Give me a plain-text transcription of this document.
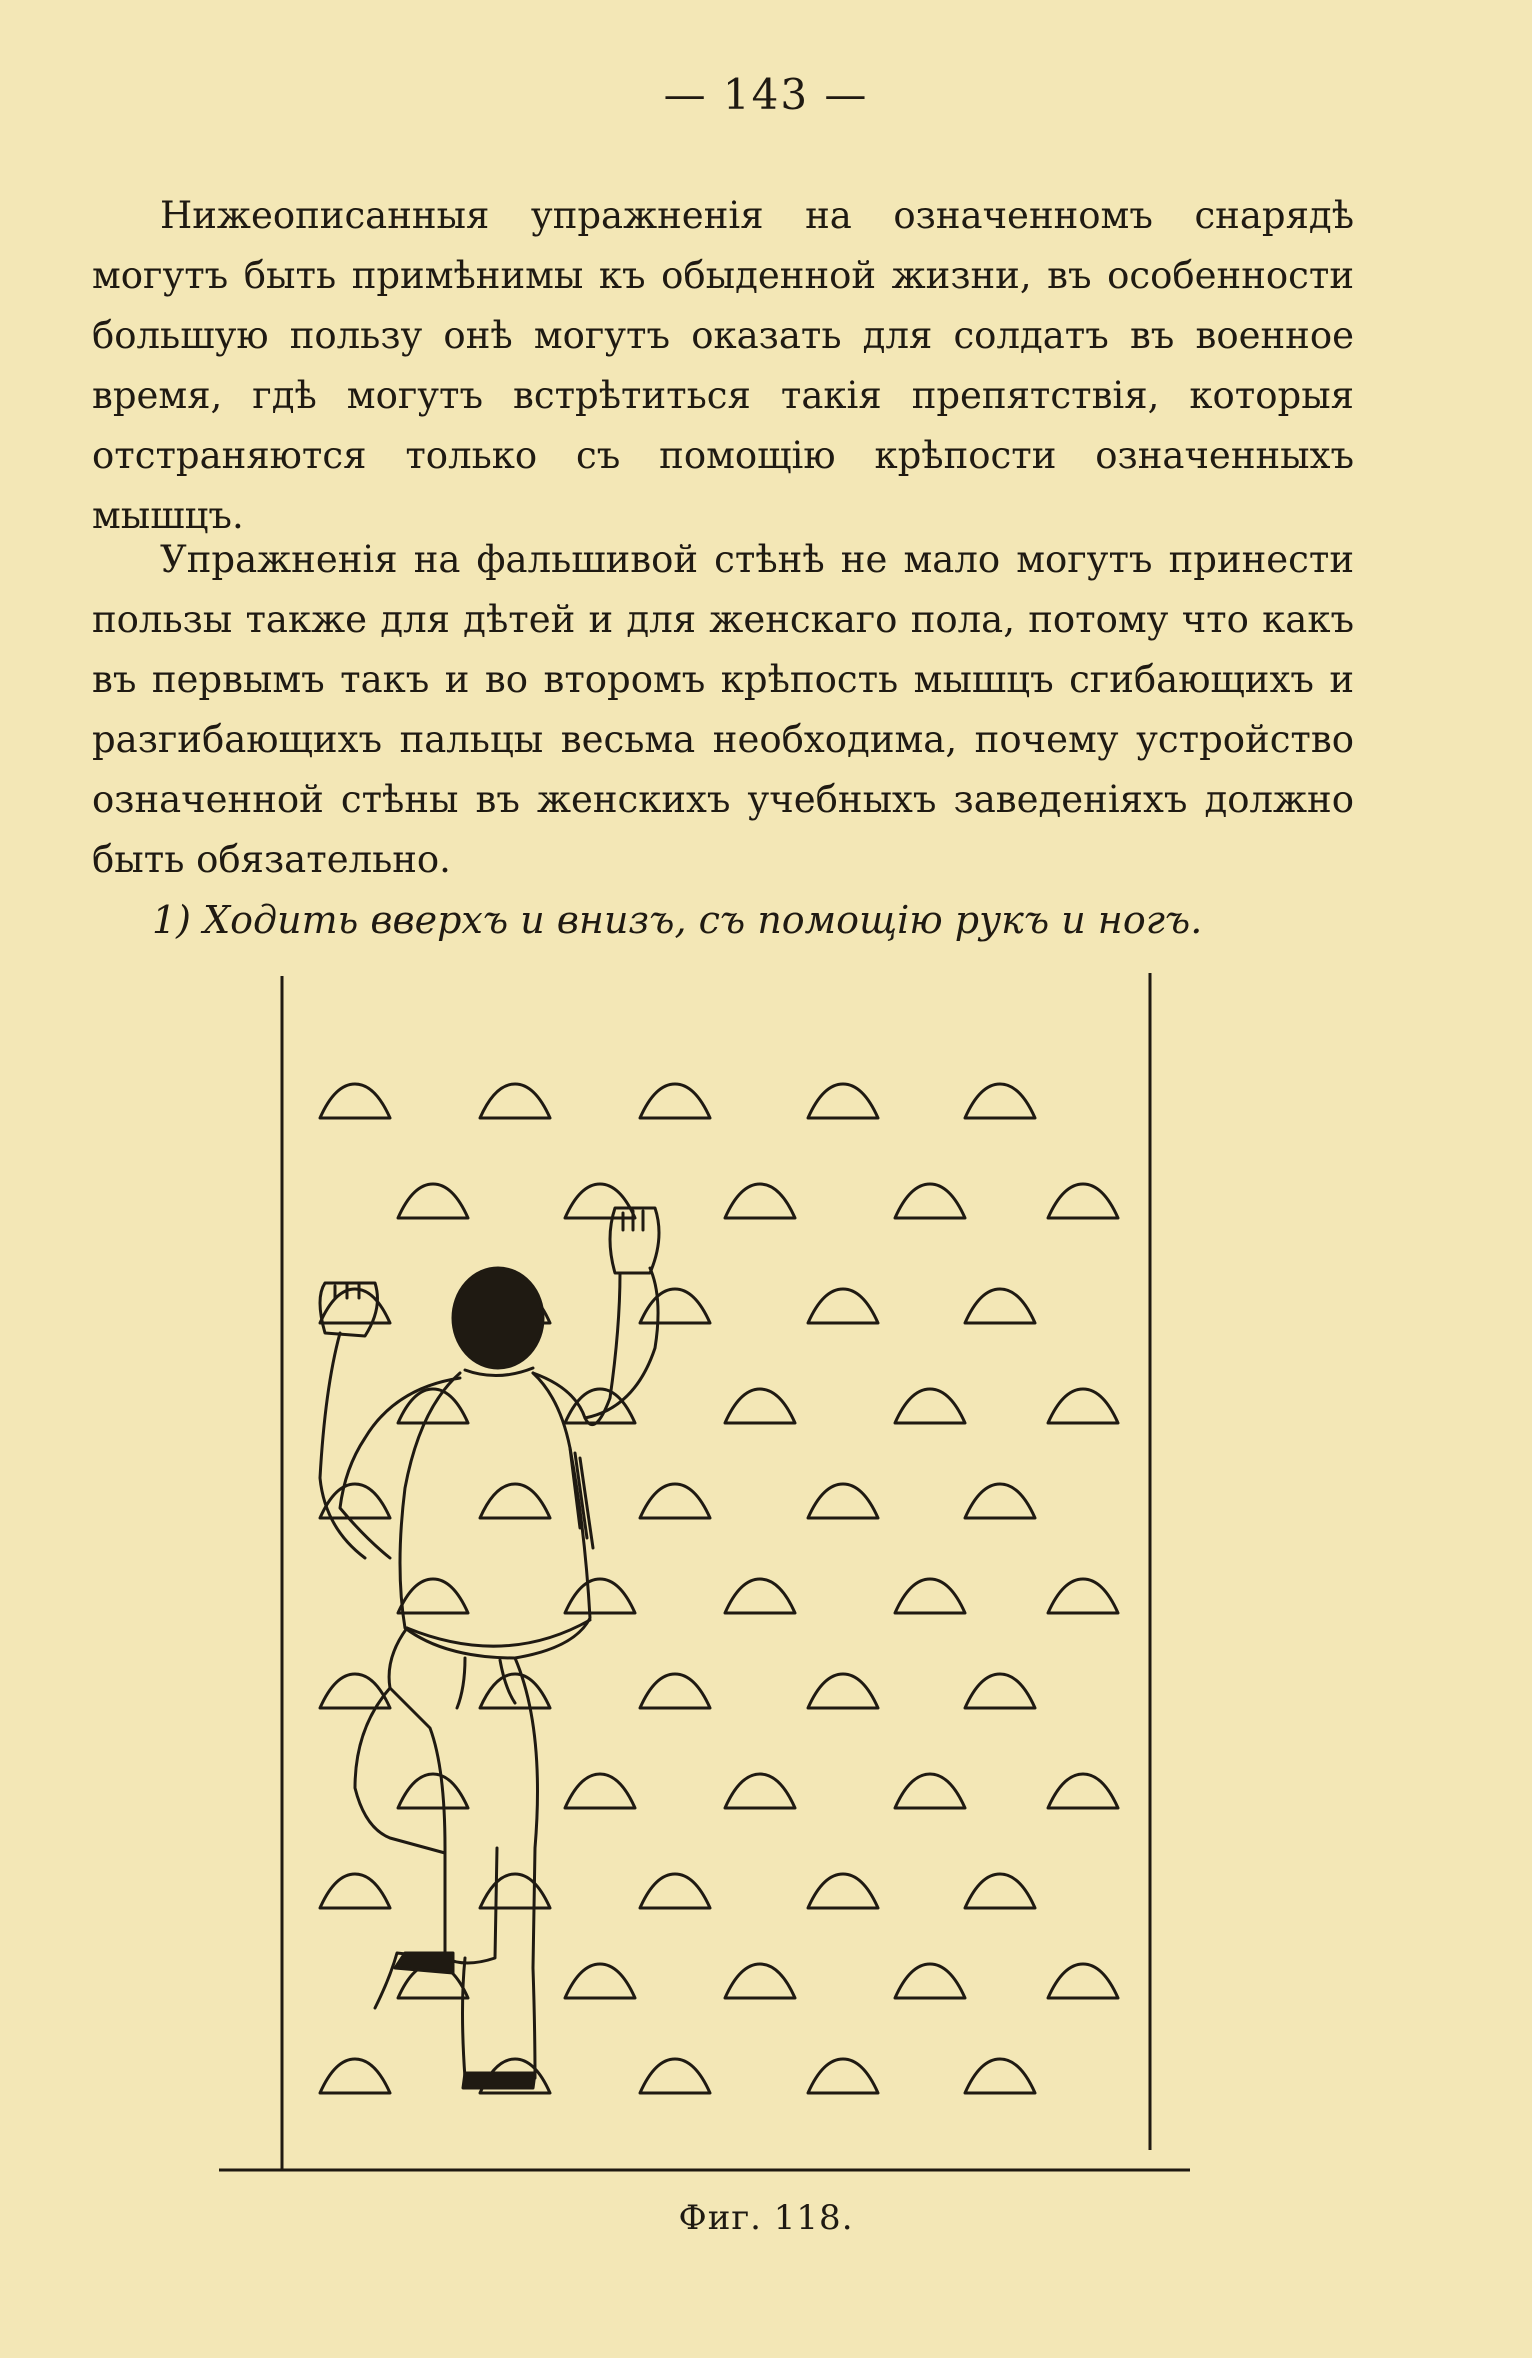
— 143 —

Нижеописанныя упражненія на означенномъ снарядѣ могутъ быть примѣнимы къ обыденной жизни, въ особенности большую пользу онѣ могутъ оказать для солдатъ въ военное время, гдѣ могутъ встрѣтиться такія препятствія, которыя отстраняются только съ помощію крѣпости означенныхъ мышцъ.

Упражненія на фальшивой стѣнѣ не мало могутъ принести пользы также для дѣтей и для женскаго пола, потому что какъ въ первымъ такъ и во второмъ крѣпость мышцъ сгибающихъ и разгибающихъ пальцы весьма необходима, почему устройство означенной стѣны въ женскихъ учебныхъ заведеніяхъ должно быть обязательно.

1) Ходить вверхъ и внизъ, съ помощію рукъ и ногъ.
Фиг. 118.
